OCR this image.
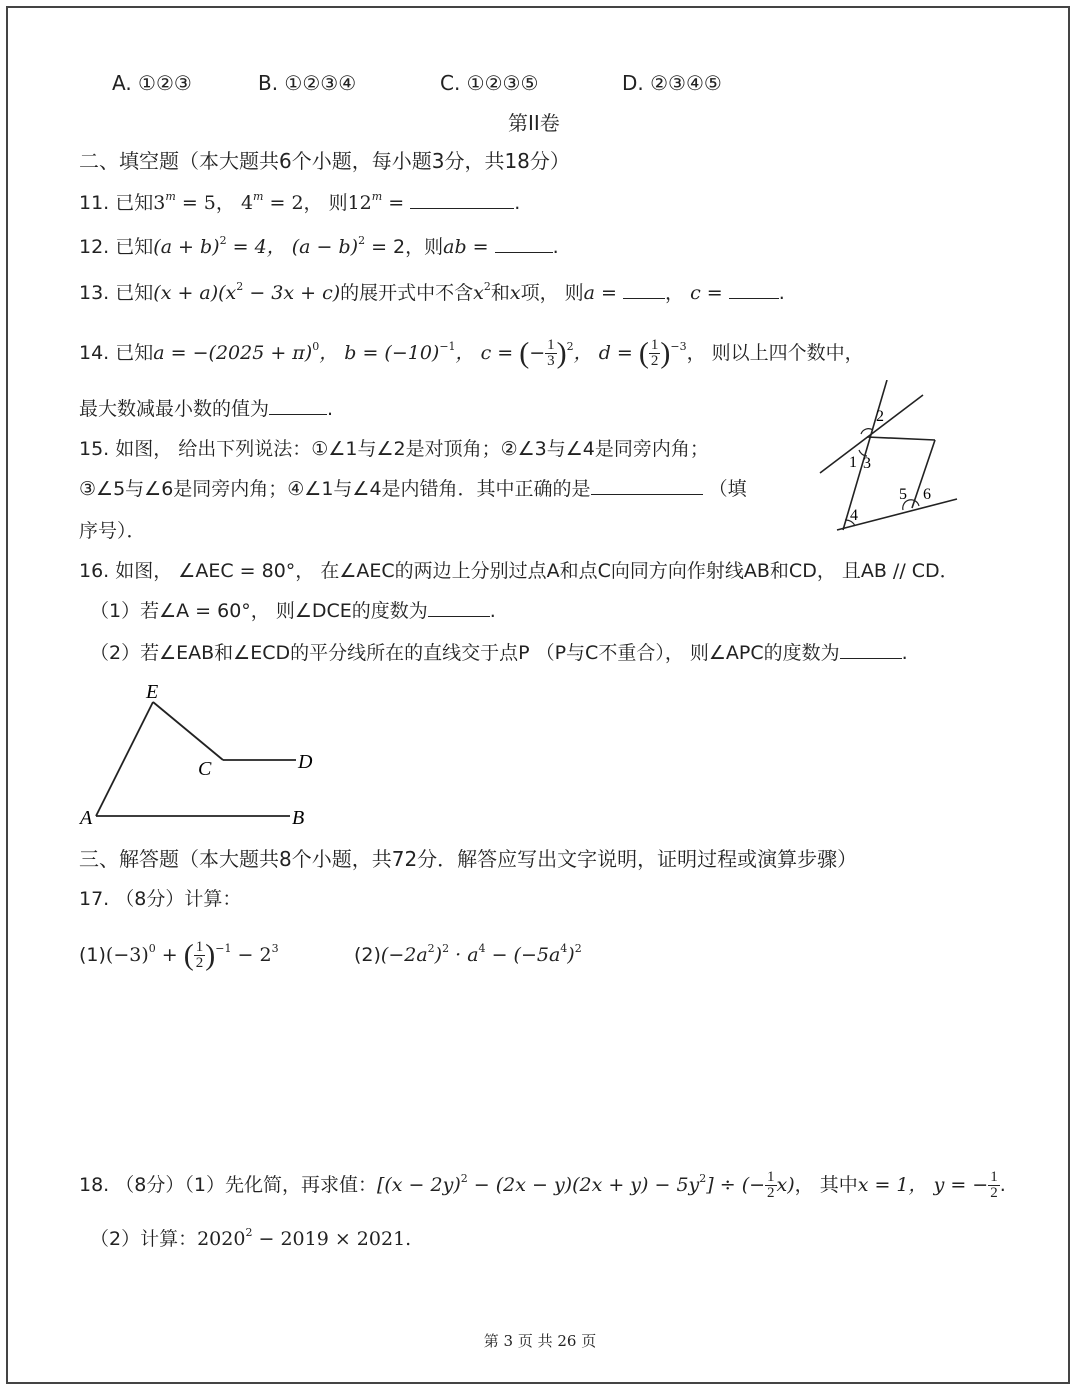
A. ①②③	B. ①②③④	C. ①②③⑤	D. ②③④⑤
第II卷
二、填空题（本大题共6个小题，每小题3分，共18分）
11. 已知$3^m = 5$， $4^m = 2$， 则$12^m$ =	.
12. 已知$(a + b)^2 = 4$， $(a - b)^2 = 2$，则ab =	.
13. 已知$(x + a)(x^2 - 3x + c)$的展开式中不含$x^2$和x项， 则a =	， c =	.
14. 已知$a = -(2025 + \pi)^0$， $b = (-10)^{-1}$， c = (− $\frac{1}{3} )^2$， d = ( $\frac{1}{2} )^{-3}$， 则以上四个数中，
最大数减最小数的值为	.
15. 如图， 给出下列说法：①∠1与∠2是对顶角；②∠3与∠4是同旁内角；
③∠5与∠6是同旁内角；④∠1与∠4是内错角．其中正确的是	（填
序号）．
1
2
3
4
5 6
16. 如图， ∠AEC = 80°， 在∠AEC的两边上分别过点A和点C向同方向作射线AB和CD， 且AB // CD．
（1）若∠A = 60°， 则∠DCE的度数为	.
（2）若∠EAB和∠ECD的平分线所在的直线交于点P （P与C不重合）， 则∠APC的度数为	.
E
C	D
A	B
三、解答题（本大题共8个小题，共72分．解答应写出文字说明，证明过程或演算步骤）
17. （8分）计算：
$(1)(-3)^0$ + ( $\frac{1}{2} )^{-1} - 2^3$	$(2)(-2a^2)^2 \cdot a^4 - (-5a^4)^2$
18. （8分）（1）先化简，再求值：$[(x - 2y)^2 - (2x - y)(2x + y) - 5y^2]$ ÷ (− $\frac{1}{2} x$)， 其中x = 1， y = − $\frac{1}{2}$ .
（2）计算：$2020^2 - 2019 \times 2021$.
第 3 页 共 26 页
